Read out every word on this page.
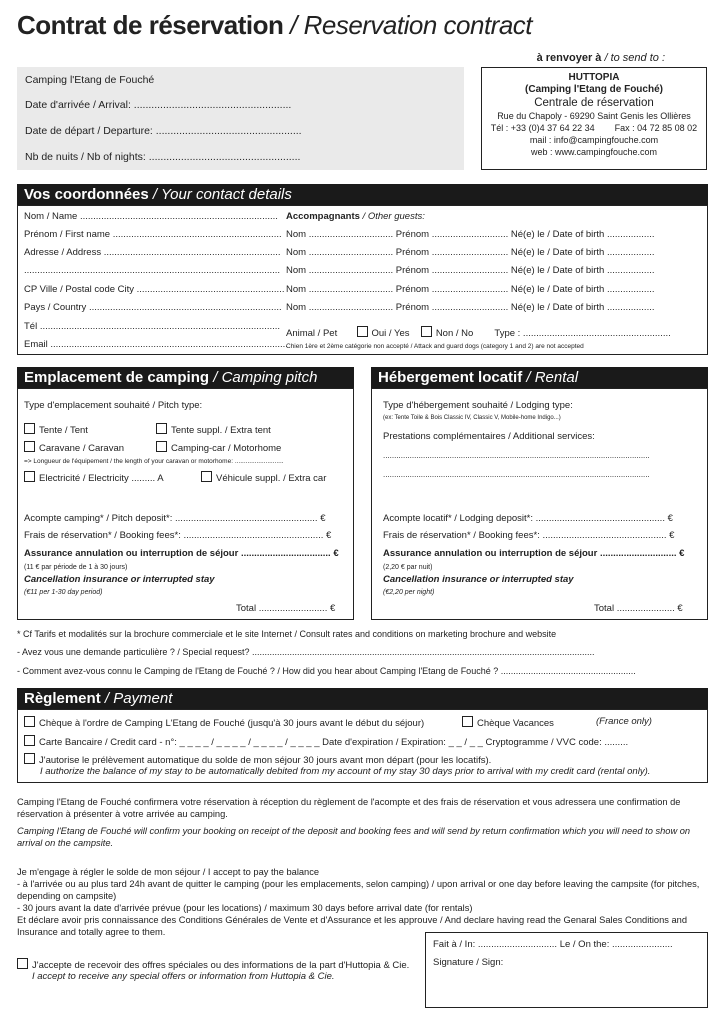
Contrat de réservation / Reservation contract
à renvoyer à / to send to :
Camping l'Etang de Fouché
Date d'arrivée / Arrival: ......................................................
Date de départ / Departure: ..................................................
Nb de nuits / Nb of nights: ....................................................
HUTTOPIA
(Camping l'Etang de Fouché)
Centrale de réservation
Rue du Chapoly - 69290 Saint Genis les Ollières
Tél : +33 (0)4 37 64 22 34        Fax : 04 72 85 08 02
mail : info@campingfouche.com
web : www.campingfouche.com
Vos coordonnées / Your contact details
Nom / Name ...........................................................................
Prénom / First name ................................................................
Adresse / Address ...................................................................
.................................................................................................
CP Ville / Postal code City ........................................................
Pays / Country .........................................................................
Tél ...........................................................................................
Email ..........................................................................................
Accompagnants / Other guests:
Nom ................................ Prénom ............................. Né(e) le / Date of birth ..................
Nom ................................ Prénom ............................. Né(e) le / Date of birth ..................
Nom ................................ Prénom ............................. Né(e) le / Date of birth ..................
Nom ................................ Prénom ............................. Né(e) le / Date of birth ..................
Nom ................................ Prénom ............................. Né(e) le / Date of birth ..................
Animal / Pet	Oui / Yes	Non / No Type : ........................................................
Chien 1ère et 2ème catégorie non accepté / Attack and guard dogs (category 1 and 2) are not accepted
Emplacement de camping / Camping pitch
Type d'emplacement souhaité / Pitch type:
Tente / Tent	Tente suppl. / Extra tent
Caravane / Caravan	Camping-car / Motorhome
=> Longueur de l'équipement / the length of your caravan or motorhome: ...........................
Electricité / Electricity ......... A	Véhicule suppl. / Extra car
Acompte camping* / Pitch deposit*: ...................................................... €
Frais de réservation* / Booking fees*: ..................................................... €
Assurance annulation ou interruption de séjour .................................. €
(11 € par période de 1 à 30 jours)
Cancellation insurance or interrupted stay
(€11 per 1-30 day period)
Total .......................... €
Hébergement locatif / Rental
Type d'hébergement souhaité / Lodging type:
(ex: Tente Toile & Bois Classic IV, Classic V, Mobile-home Indigo...)
Prestations complémentaires / Additional services:
........................................................................................................................
........................................................................................................................
Acompte locatif* / Lodging deposit*: ................................................. €
Frais de réservation* / Booking fees*: ............................................... €
Assurance annulation ou interruption de séjour ............................. €
(2,20 € par nuit)
Cancellation insurance or interrupted stay
(€2,20 per night)
Total ...................... €
* Cf Tarifs et modalités sur la brochure commerciale et le site Internet / Consult rates and conditions on marketing brochure and website
- Avez vous une demande particulière ? / Special request? .........................................................................................................................................
- Comment avez-vous connu le Camping de l'Etang de Fouché ? / How did you hear about Camping l'Etang de Fouché ? ......................................................
Règlement / Payment
Chèque à l'ordre de Camping L'Etang de Fouché (jusqu'à 30 jours avant le début du séjour)	Chèque Vacances	(France only)
Carte Bancaire / Credit card - n°: _ _ _ _ / _ _ _ _ / _ _ _ _ / _ _ _ _ Date d'expiration / Expiration: _ _ / _ _ Cryptogramme / VVC code: .........
J'autorise le prélèvement automatique du solde de mon séjour 30 jours avant mon départ (pour les locatifs).
I authorize the balance of my stay to be automatically debited from my account of my stay 30 days prior to arrival with my credit card (rental only).
Camping l'Etang de Fouché confirmera votre réservation à réception du règlement de l'acompte et des frais de réservation et vous adressera une confirmation de réservation à présenter à votre arrivée au camping.
Camping l'Etang de Fouché will confirm your booking on receipt of the deposit and booking fees and will send by return confirmation which you will need to show on arrival on the campsite.
Je m'engage à régler le solde de mon séjour / I accept to pay the balance
- à l'arrivée ou au plus tard 24h avant de quitter le camping (pour les emplacements, selon camping) / upon arrival or one day before leaving the campsite (for pitches, depending on campsite)
- 30 jours avant la date d'arrivée prévue (pour les locations) / maximum 30 days before arrival date (for rentals)
Et déclare avoir pris connaissance des Conditions Générales de Vente et d'Assurance et les approuve / And declare having read the Genaral Sales Conditions and Insurance and totally agree to them.
J'accepte de recevoir des offres spéciales ou des informations de la part d'Huttopia & Cie.
I accept to receive any special offers or information from Huttopia & Cie.
Fait à / In: .............................. Le / On the: .......................
Signature / Sign:
